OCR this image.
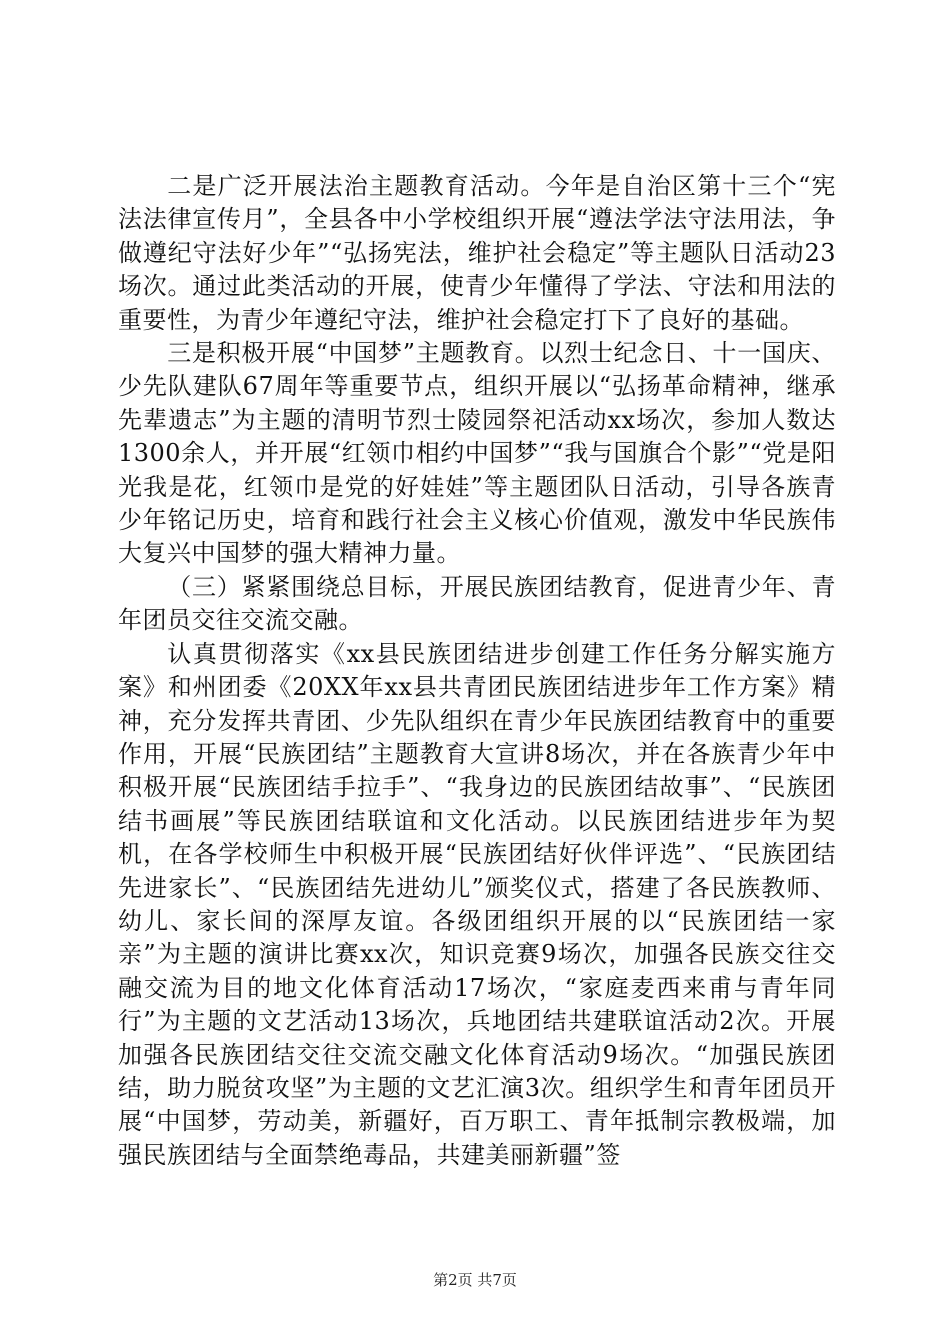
二是广泛开展法治主题教育活动。今年是自治区第十三个“宪法法律宣传月”，全县各中小学校组织开展“遵法学法守法用法，争做遵纪守法好少年”“弘扬宪法，维护社会稳定”等主题队日活动23场次。通过此类活动的开展，使青少年懂得了学法、守法和用法的重要性，为青少年遵纪守法，维护社会稳定打下了良好的基础。

三是积极开展“中国梦”主题教育。以烈士纪念日、十一国庆、少先队建队67周年等重要节点，组织开展以“弘扬革命精神，继承先辈遗志”为主题的清明节烈士陵园祭祀活动xx场次，参加人数达1300余人，并开展“红领巾相约中国梦”“我与国旗合个影”“党是阳光我是花，红领巾是党的好娃娃”等主题团队日活动，引导各族青少年铭记历史，培育和践行社会主义核心价值观，激发中华民族伟大复兴中国梦的强大精神力量。

（三）紧紧围绕总目标，开展民族团结教育，促进青少年、青年团员交往交流交融。

认真贯彻落实《xx县民族团结进步创建工作任务分解实施方案》和州团委《20XX年xx县共青团民族团结进步年工作方案》精神，充分发挥共青团、少先队组织在青少年民族团结教育中的重要作用，开展“民族团结”主题教育大宣讲8场次，并在各族青少年中积极开展“民族团结手拉手”、“我身边的民族团结故事”、“民族团结书画展”等民族团结联谊和文化活动。以民族团结进步年为契机，在各学校师生中积极开展“民族团结好伙伴评选”、“民族团结先进家长”、“民族团结先进幼儿”颁奖仪式，搭建了各民族教师、幼儿、家长间的深厚友谊。各级团组织开展的以“民族团结一家亲”为主题的演讲比赛xx次，知识竞赛9场次，加强各民族交往交融交流为目的地文化体育活动17场次，“家庭麦西来甫与青年同行”为主题的文艺活动13场次，兵地团结共建联谊活动2次。开展加强各民族团结交往交流交融文化体育活动9场次。“加强民族团结，助力脱贫攻坚”为主题的文艺汇演3次。组织学生和青年团员开展“中国梦，劳动美，新疆好，百万职工、青年抵制宗教极端，加强民族团结与全面禁绝毒品，共建美丽新疆”签

第2页 共7页
